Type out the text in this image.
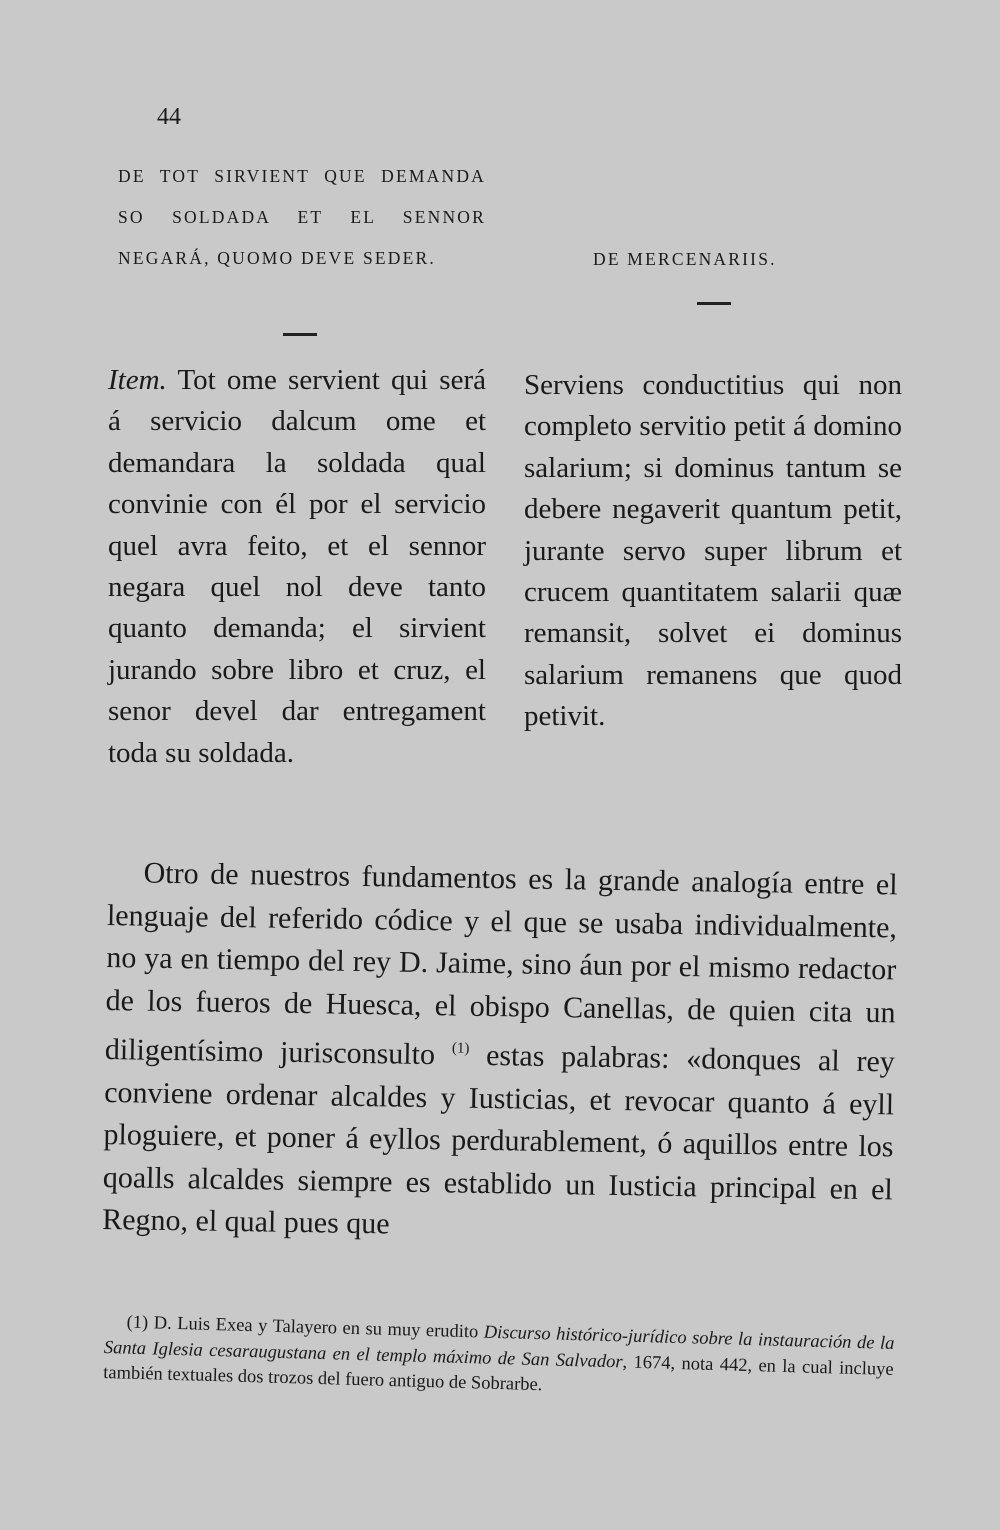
44
DE TOT SIRVIENT QUE DEMANDA SO SOLDADA ET EL SENNOR NEGARÁ, QUOMO DEVE SEDER.
Item. Tot ome servient qui será á servicio dalcum ome et demandara la soldada qual convinie con él por el servicio quel avra feito, et el sennor negara quel nol deve tanto quanto demanda; el sirvient jurando sobre libro et cruz, el senor devel dar entregament toda su soldada.
DE MERCENARIIS.
Serviens conductitius qui non completo servitio petit á domino salarium; si dominus tantum se debere negaverit quantum petit, jurante servo super librum et crucem quantitatem salarii quæ remansit, solvet ei dominus salarium remanens que quod petivit.
Otro de nuestros fundamentos es la grande analogía entre el lenguaje del referido códice y el que se usaba individualmente, no ya en tiempo del rey D. Jaime, sino áun por el mismo redactor de los fueros de Huesca, el obispo Canellas, de quien cita un diligentísimo jurisconsulto $^{(1)}$ estas palabras: «donques al rey conviene ordenar alcaldes y Iusticias, et revocar quanto á eyll ploguiere, et poner á eyllos perdurablement, ó aquillos entre los qoalls alcaldes siempre es establido un Iusticia principal en el Regno, el qual pues que
(1) D. Luis Exea y Talayero en su muy erudito Discurso histórico-jurídico sobre la instauración de la Santa Iglesia cesaraugustana en el templo máximo de San Salvador, 1674, nota 442, en la cual incluye también textuales dos trozos del fuero antiguo de Sobrarbe.
